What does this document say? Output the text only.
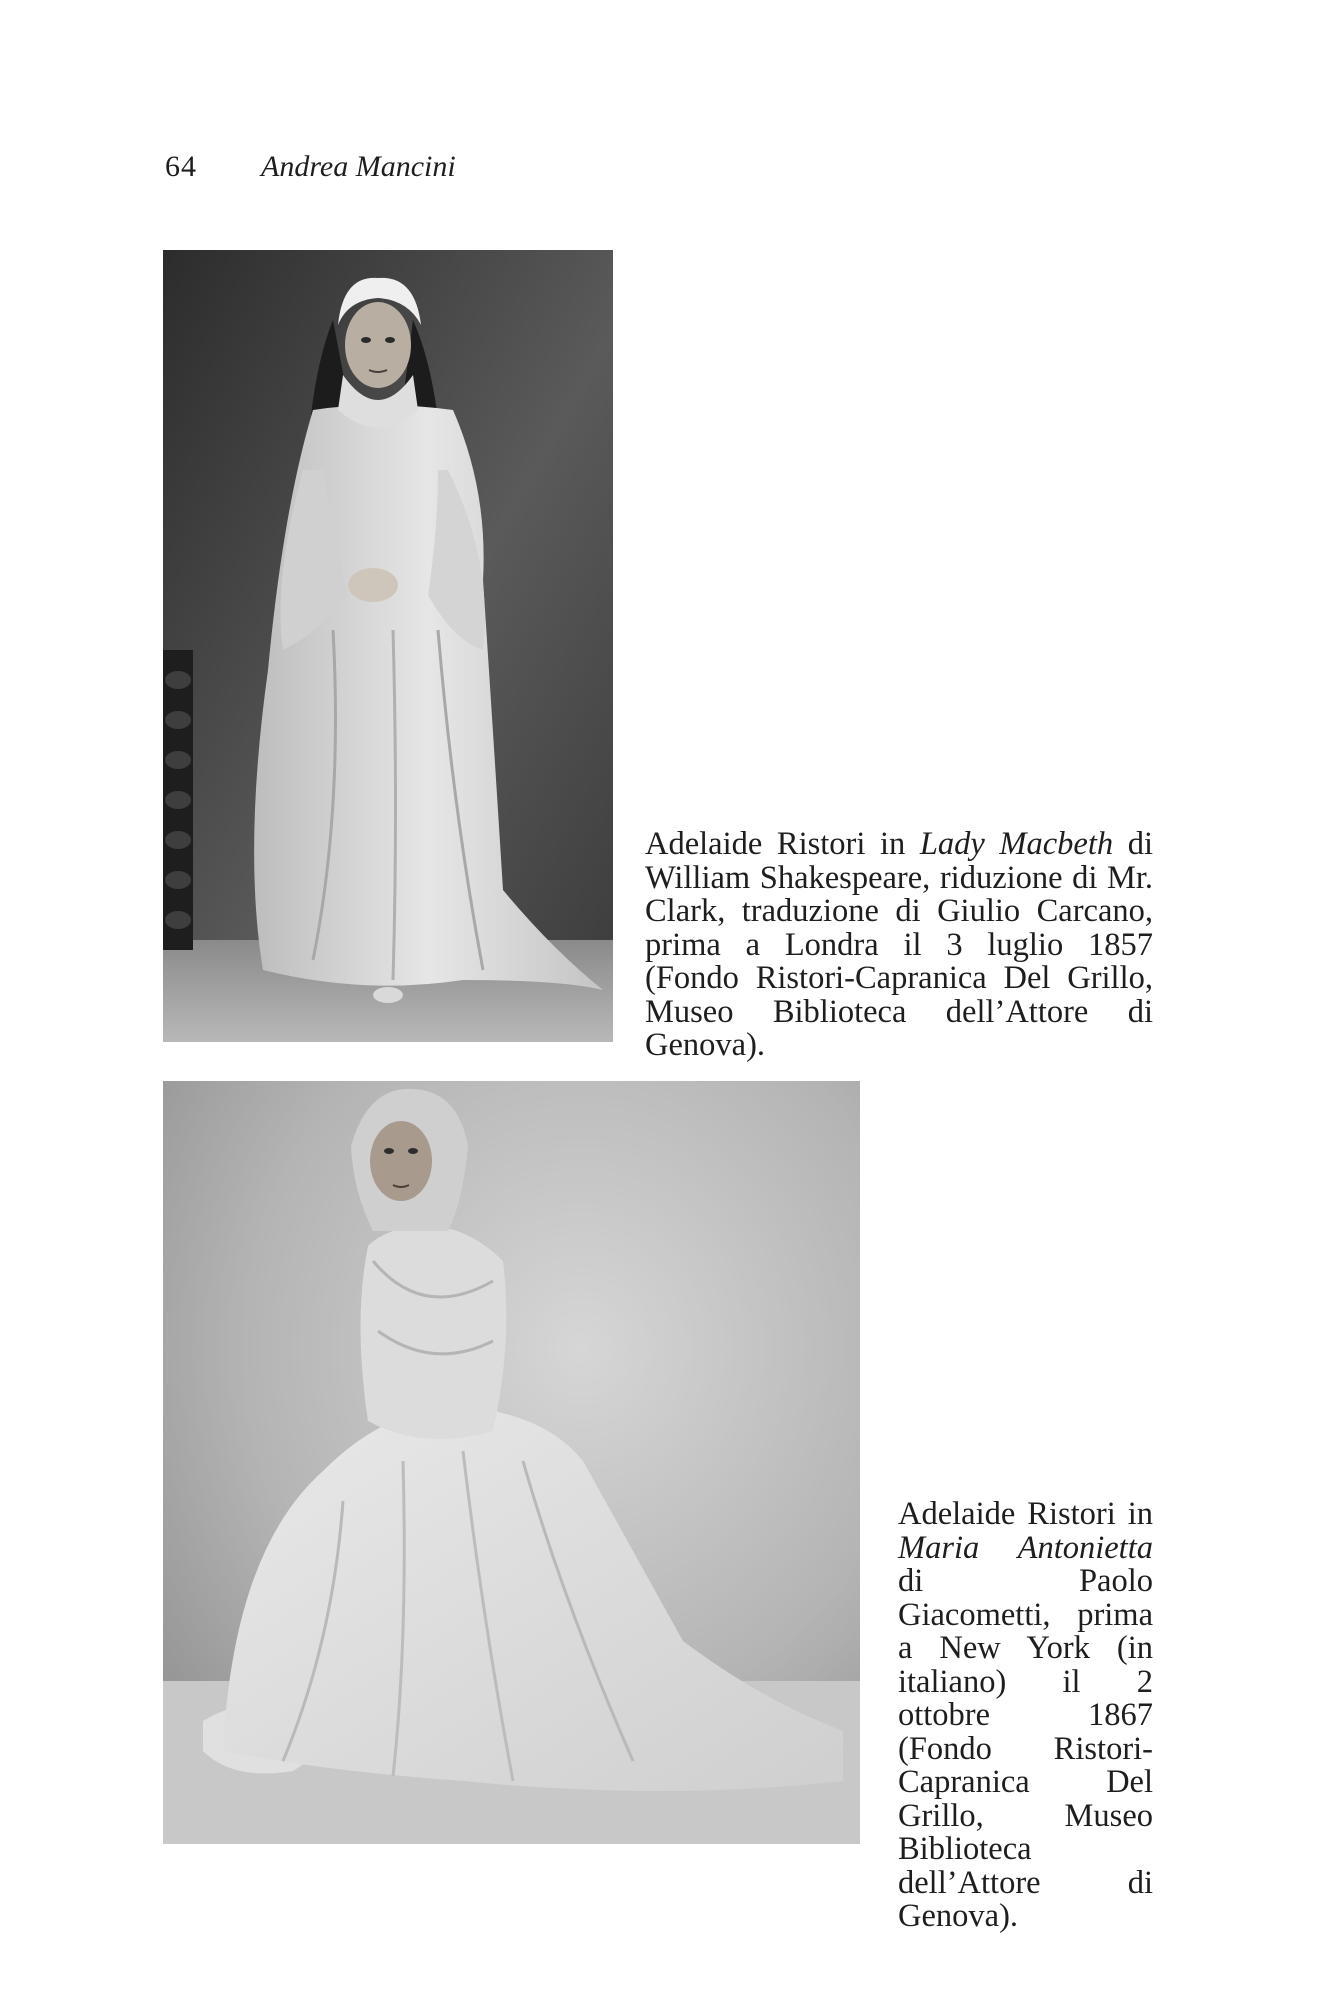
64 Andrea Mancini
Adelaide Ristori in Lady Macbeth di William Shakespeare, riduzione di Mr. Clark, traduzione di Giulio Carcano, prima a Londra il 3 luglio 1857 (Fondo Ristori-Capranica Del Grillo, Museo Biblioteca dell’Attore di Genova).
Adelaide Ristori in Maria Antonietta di Paolo Giacometti, prima a New York (in italiano) il 2 ottobre 1867 (Fondo Ristori-Capranica Del Grillo, Museo Biblioteca dell’Attore di Genova).
